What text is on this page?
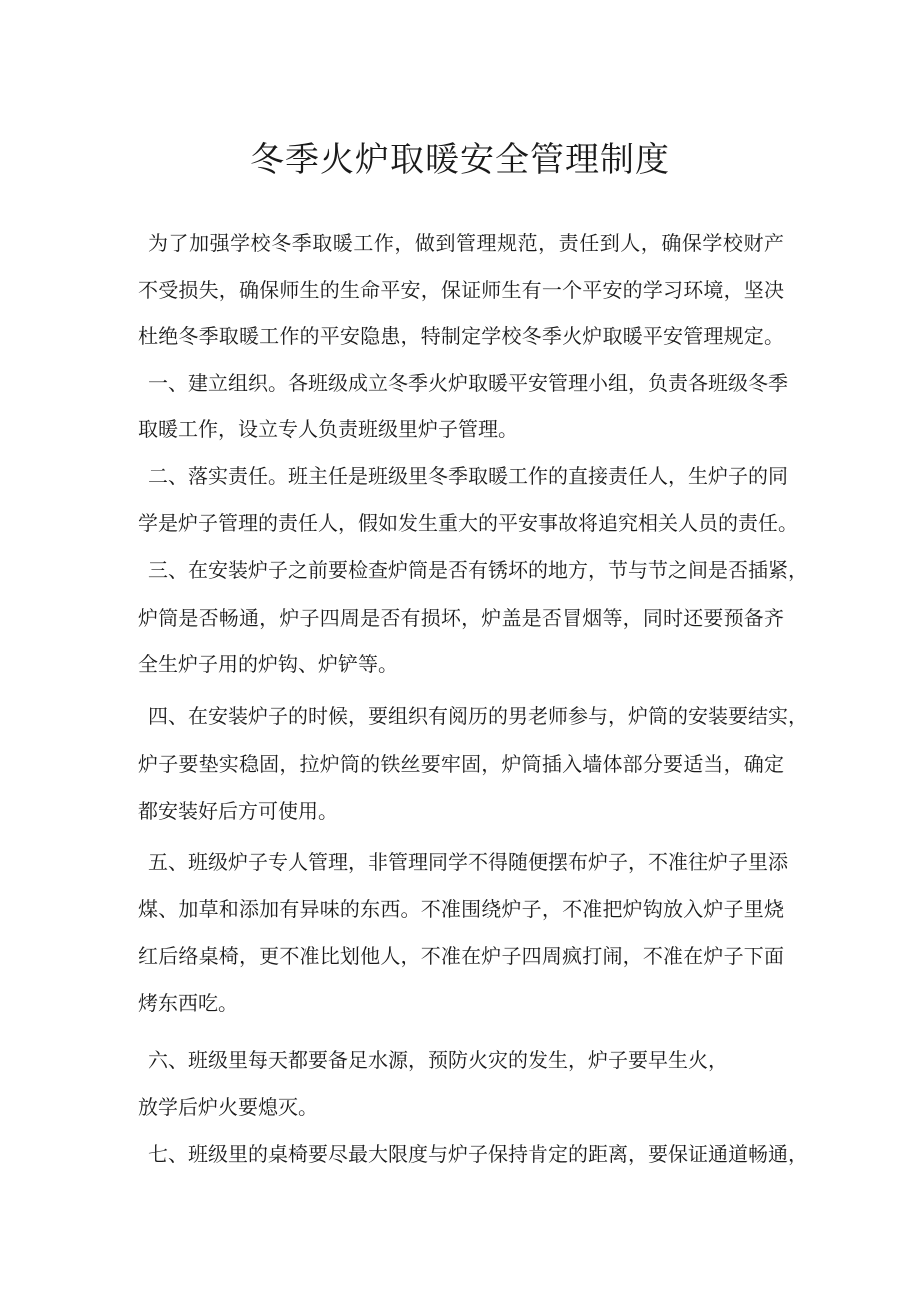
冬季火炉取暖安全管理制度

为了加强学校冬季取暖工作，做到管理规范，责任到人，确保学校财产

不受损失，确保师生的生命平安，保证师生有一个平安的学习环境，坚决

杜绝冬季取暖工作的平安隐患，特制定学校冬季火炉取暖平安管理规定。

一、建立组织。各班级成立冬季火炉取暖平安管理小组，负责各班级冬季

取暖工作，设立专人负责班级里炉子管理。

二、落实责任。班主任是班级里冬季取暖工作的直接责任人，生炉子的同

学是炉子管理的责任人，假如发生重大的平安事故将追究相关人员的责任。

三、在安装炉子之前要检查炉筒是否有锈坏的地方，节与节之间是否插紧，

炉筒是否畅通，炉子四周是否有损坏，炉盖是否冒烟等，同时还要预备齐

全生炉子用的炉钩、炉铲等。

四、在安装炉子的时候，要组织有阅历的男老师参与，炉筒的安装要结实，

炉子要垫实稳固，拉炉筒的铁丝要牢固，炉筒插入墙体部分要适当，确定

都安装好后方可使用。

五、班级炉子专人管理，非管理同学不得随便摆布炉子，不准往炉子里添

煤、加草和添加有异味的东西。不准围绕炉子，不准把炉钩放入炉子里烧

红后络桌椅，更不准比划他人，不准在炉子四周疯打闹，不准在炉子下面

烤东西吃。

六、班级里每天都要备足水源，预防火灾的发生，炉子要早生火，

放学后炉火要熄灭。

七、班级里的桌椅要尽最大限度与炉子保持肯定的距离，要保证通道畅通，
